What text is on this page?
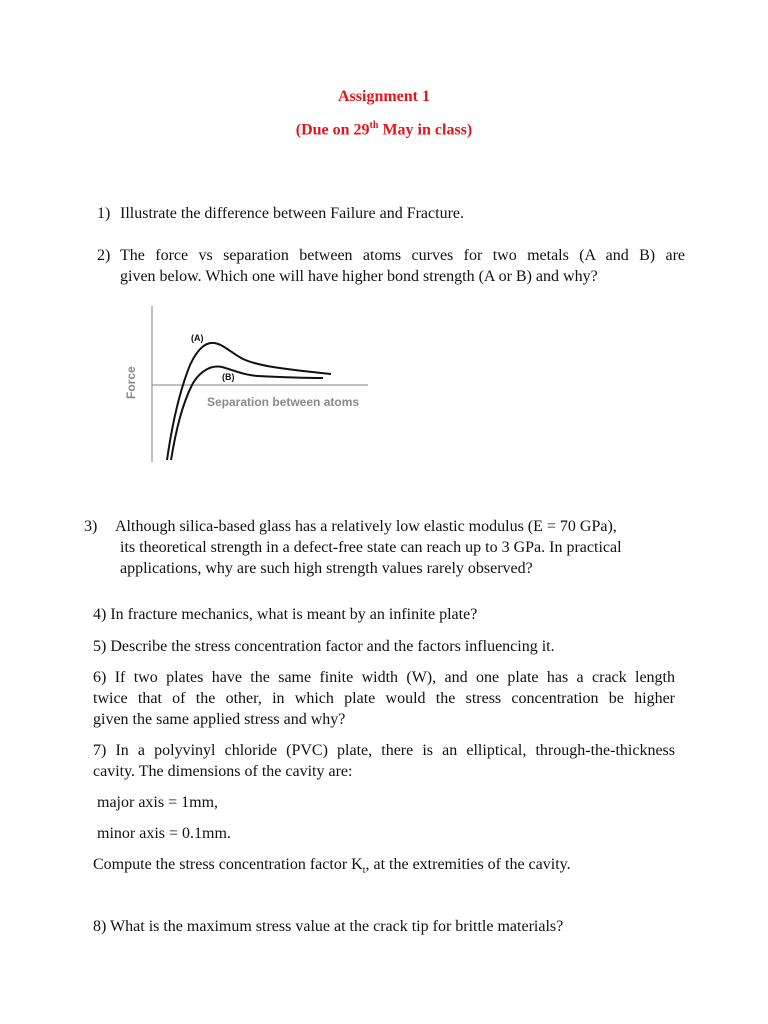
Assignment 1
(Due on 29th May in class)
1) Illustrate the difference between Failure and Fracture.
2) The force vs separation between atoms curves for two metals (A and B) are
given below. Which one will have higher bond strength (A or B) and why?
(A)
(B)
Separation between atoms
Force
3) Although silica-based glass has a relatively low elastic modulus (E = 70 GPa),
its theoretical strength in a defect-free state can reach up to 3 GPa. In practical
applications, why are such high strength values rarely observed?
4) In fracture mechanics, what is meant by an infinite plate?
5) Describe the stress concentration factor and the factors influencing it.
6) If two plates have the same finite width (W), and one plate has a crack length
twice that of the other, in which plate would the stress concentration be higher
given the same applied stress and why?
7) In a polyvinyl chloride (PVC) plate, there is an elliptical, through-the-thickness
cavity. The dimensions of the cavity are:
major axis = 1mm,
minor axis = 0.1mm.
Compute the stress concentration factor $K_t$, at the extremities of the cavity.
8) What is the maximum stress value at the crack tip for brittle materials?
